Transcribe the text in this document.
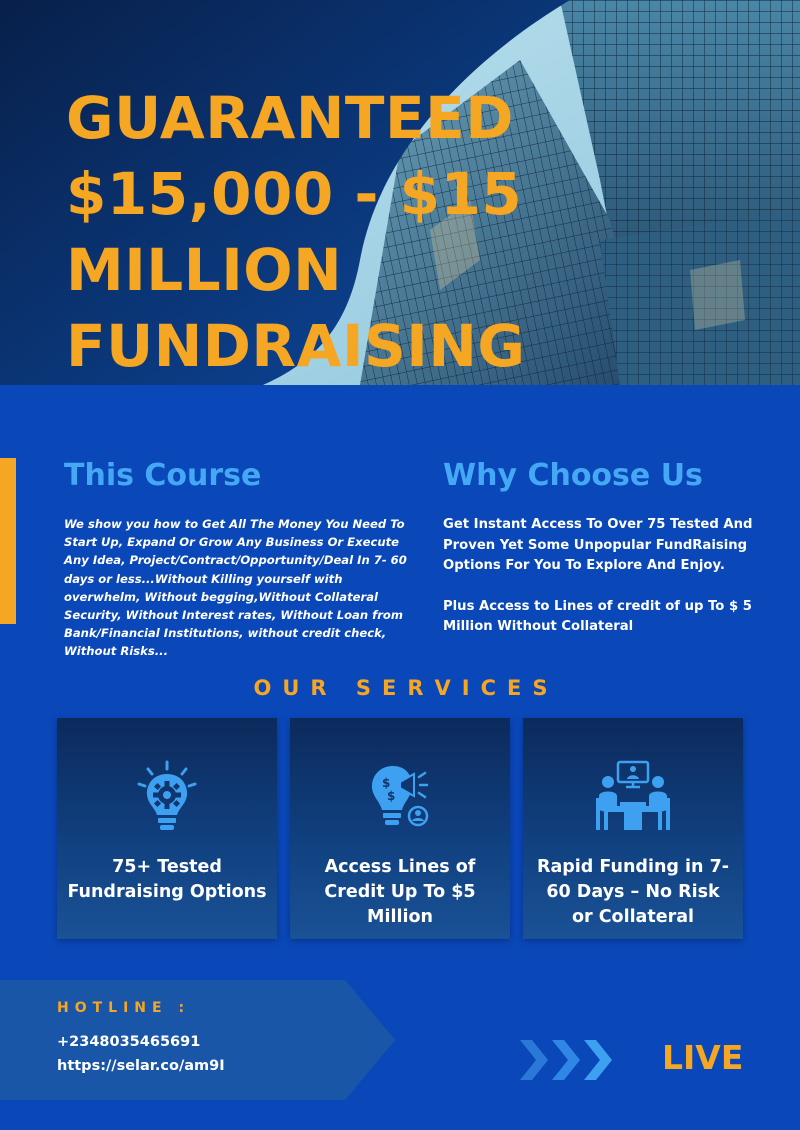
GUARANTEED
$15,000 - $15
MILLION
FUNDRAISING
This Course

We show you how to Get All The Money You Need To Start Up, Expand Or Grow Any Business Or Execute Any Idea, Project/Contract/Opportunity/Deal In 7- 60 days or less...Without Killing yourself with overwhelm, Without begging,Without Collateral Security, Without Interest rates, Without Loan from Bank/Financial Institutions, without credit check, Without Risks...

Why Choose Us

Get Instant Access To Over 75 Tested And Proven Yet Some Unpopular FundRaising Options For You To Explore And Enjoy.

Plus Access to Lines of credit of up To $ 5 Million Without Collateral

OUR SERVICES
75+ Tested Fundraising Options
$
$
Access Lines of Credit Up To $5 Million
Rapid Funding in 7-60 Days – No Risk or Collateral
HOTLINE :
+2348035465691
https://selar.co/am9I	LIVE
